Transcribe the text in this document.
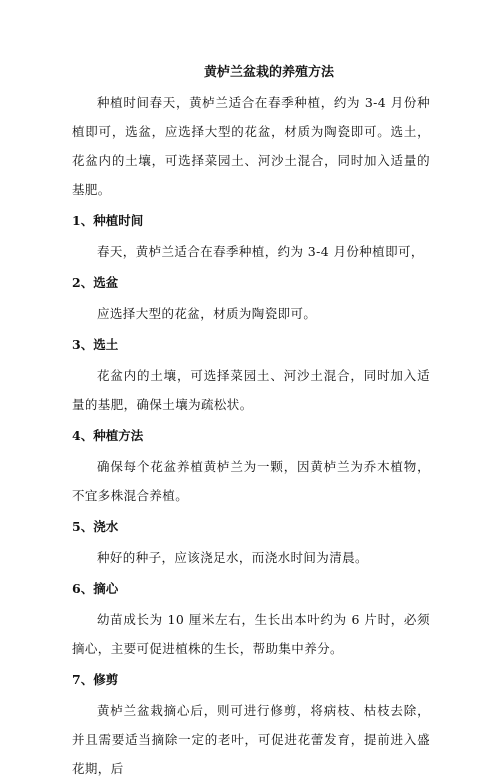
黄栌兰盆栽的养殖方法

种植时间春天，黄栌兰适合在春季种植，约为 3-4 月份种植即可，选盆，应选择大型的花盆，材质为陶瓷即可。选土，花盆内的土壤，可选择菜园土、河沙土混合，同时加入适量的基肥。

1、种植时间

春天，黄栌兰适合在春季种植，约为 3-4 月份种植即可，

2、选盆

应选择大型的花盆，材质为陶瓷即可。

3、选土

花盆内的土壤，可选择菜园土、河沙土混合，同时加入适量的基肥，确保土壤为疏松状。

4、种植方法

确保每个花盆养植黄栌兰为一颗，因黄栌兰为乔木植物，不宜多株混合养植。

5、浇水

种好的种子，应该浇足水，而浇水时间为清晨。

6、摘心

幼苗成长为 10 厘米左右，生长出本叶约为 6 片时，必须摘心，主要可促进植株的生长，帮助集中养分。

7、修剪

黄栌兰盆栽摘心后，则可进行修剪，将病枝、枯枝去除，并且需要适当摘除一定的老叶，可促进花蕾发育，提前进入盛花期，后
